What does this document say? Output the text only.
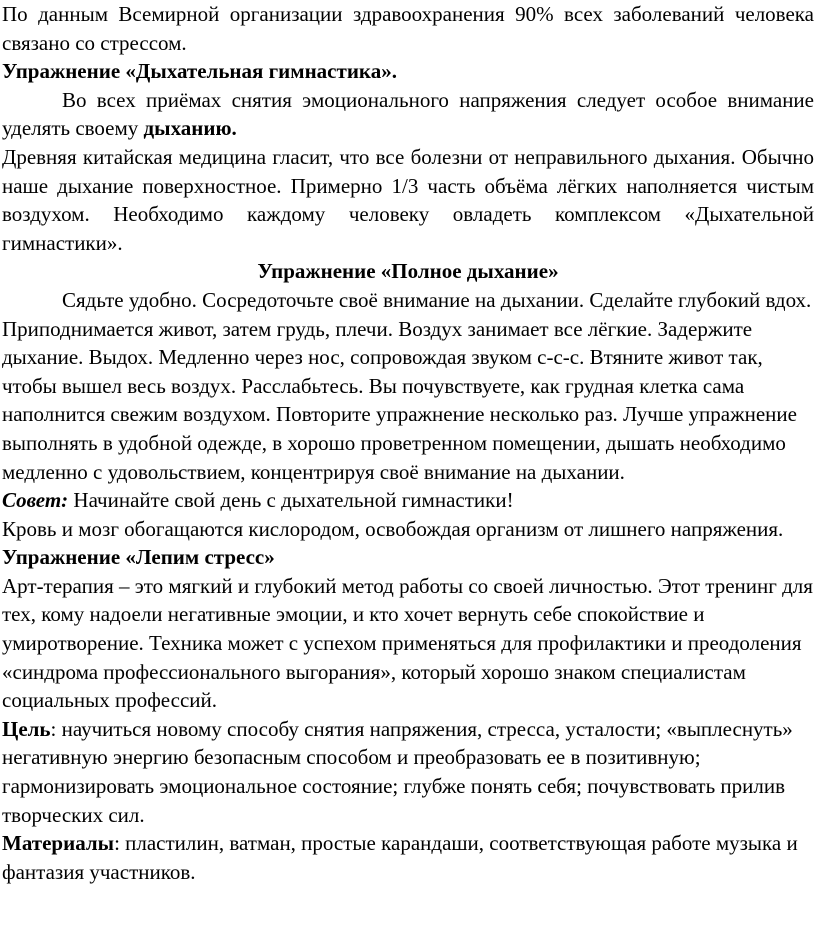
По данным Всемирной организации здравоохранения 90% всех заболеваний человека связано со стрессом.

Упражнение «Дыхательная гимнастика».

Во всех приёмах снятия эмоционального напряжения следует особое внимание уделять своему дыханию.

Древняя китайская медицина гласит, что все болезни от неправильного дыхания. Обычно наше дыхание поверхностное. Примерно 1/3 часть объёма лёгких наполняется чистым воздухом. Необходимо каждому человеку овладеть комплексом «Дыхательной гимнастики».

Упражнение «Полное дыхание»

Сядьте удобно. Сосредоточьте своё внимание на дыхании. Сделайте глубокий вдох. Приподнимается живот, затем грудь, плечи. Воздух занимает все лёгкие. Задержите дыхание. Выдох. Медленно через нос, сопровождая звуком с-с-с. Втяните живот так, чтобы вышел весь воздух. Расслабьтесь. Вы почувствуете, как грудная клетка сама наполнится свежим воздухом. Повторите упражнение несколько раз. Лучше упражнение выполнять в удобной одежде, в хорошо проветренном помещении, дышать необходимо медленно с удовольствием, концентрируя своё внимание на дыхании.

Совет: Начинайте свой день с дыхательной гимнастики!

Кровь и мозг обогащаются кислородом, освобождая организм от лишнего напряжения.

Упражнение «Лепим стресс»

Арт-терапия – это мягкий и глубокий метод работы со своей личностью. Этот тренинг для тех, кому надоели негативные эмоции, и кто хочет вернуть себе спокойствие и умиротворение. Техника может с успехом применяться для профилактики и преодоления «синдрома профессионального выгорания», который хорошо знаком специалистам социальных профессий.

Цель: научиться новому способу снятия напряжения, стресса, усталости; «выплеснуть» негативную энергию безопасным способом и преобразовать ее в позитивную; гармонизировать эмоциональное состояние; глубже понять себя; почувствовать прилив творческих сил.

Материалы: пластилин, ватман, простые карандаши, соответствующая работе музыка и фантазия участников.
